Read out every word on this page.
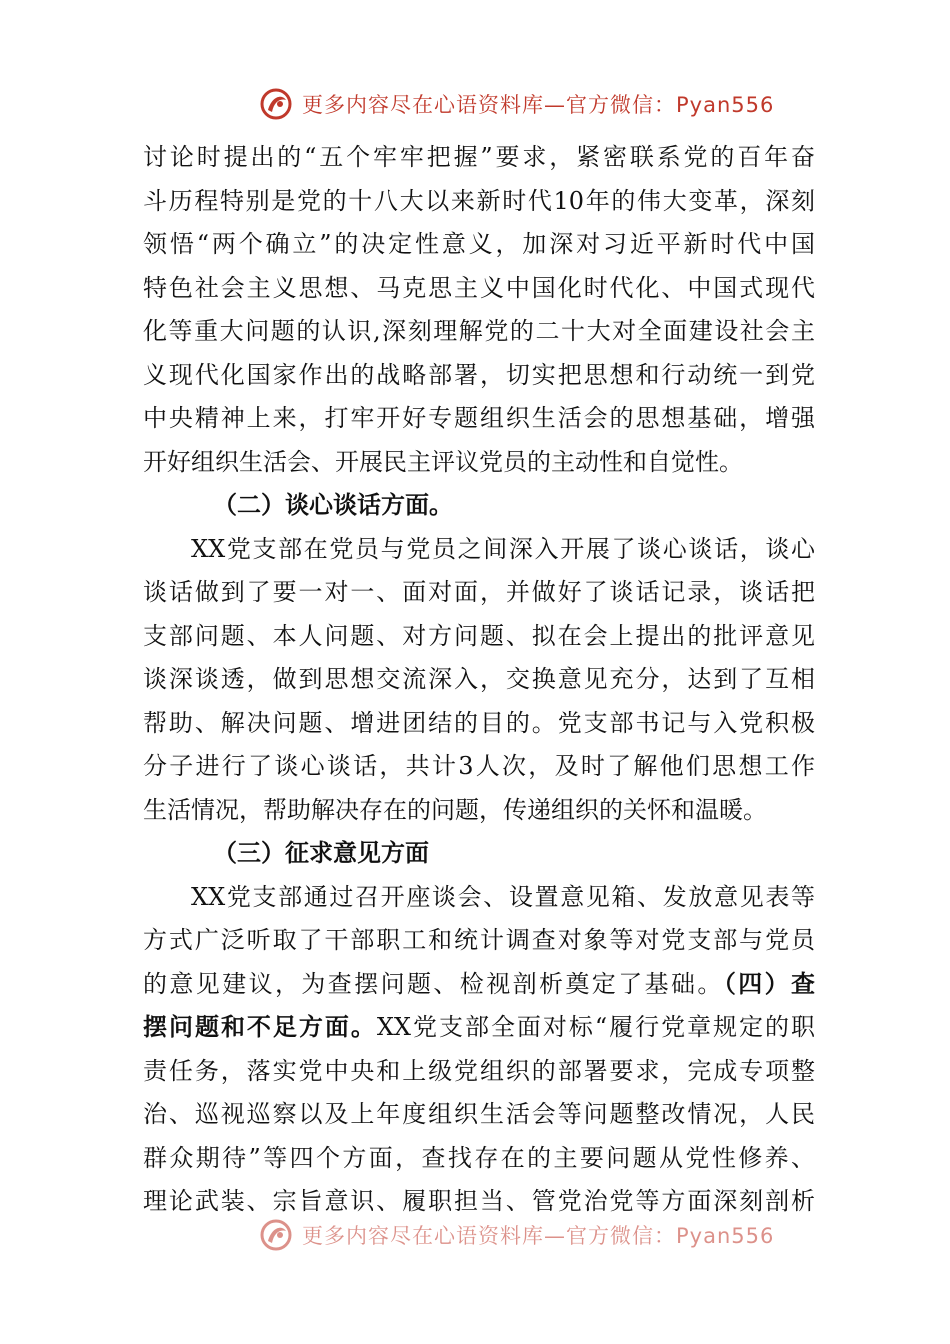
更多内容尽在心语资料库—官方微信：Pyan556
讨论时提出的“五个牢牢把握”要求，紧密联系党的百年奋
斗历程特别是党的十八大以来新时代10年的伟大变革，深刻
领悟“两个确立”的决定性意义，加深对习近平新时代中国
特色社会主义思想、马克思主义中国化时代化、中国式现代
化等重大问题的认识,深刻理解党的二十大对全面建设社会主
义现代化国家作出的战略部署，切实把思想和行动统一到党
中央精神上来，打牢开好专题组织生活会的思想基础，增强
开好组织生活会、开展民主评议党员的主动性和自觉性。
（二）谈心谈话方面。
XX党支部在党员与党员之间深入开展了谈心谈话，谈心
谈话做到了要一对一、面对面，并做好了谈话记录，谈话把
支部问题、本人问题、对方问题、拟在会上提出的批评意见
谈深谈透，做到思想交流深入，交换意见充分，达到了互相
帮助、解决问题、增进团结的目的。党支部书记与入党积极
分子进行了谈心谈话，共计3人次，及时了解他们思想工作
生活情况，帮助解决存在的问题，传递组织的关怀和温暖。
（三）征求意见方面
XX党支部通过召开座谈会、设置意见箱、发放意见表等
方式广泛听取了干部职工和统计调查对象等对党支部与党员
的意见建议，为查摆问题、检视剖析奠定了基础。（四）查
摆问题和不足方面。XX党支部全面对标“履行党章规定的职
责任务，落实党中央和上级党组织的部署要求，完成专项整
治、巡视巡察以及上年度组织生活会等问题整改情况，人民
群众期待”等四个方面，查找存在的主要问题从党性修养、
理论武装、宗旨意识、履职担当、管党治党等方面深刻剖析
更多内容尽在心语资料库—官方微信：Pyan556
